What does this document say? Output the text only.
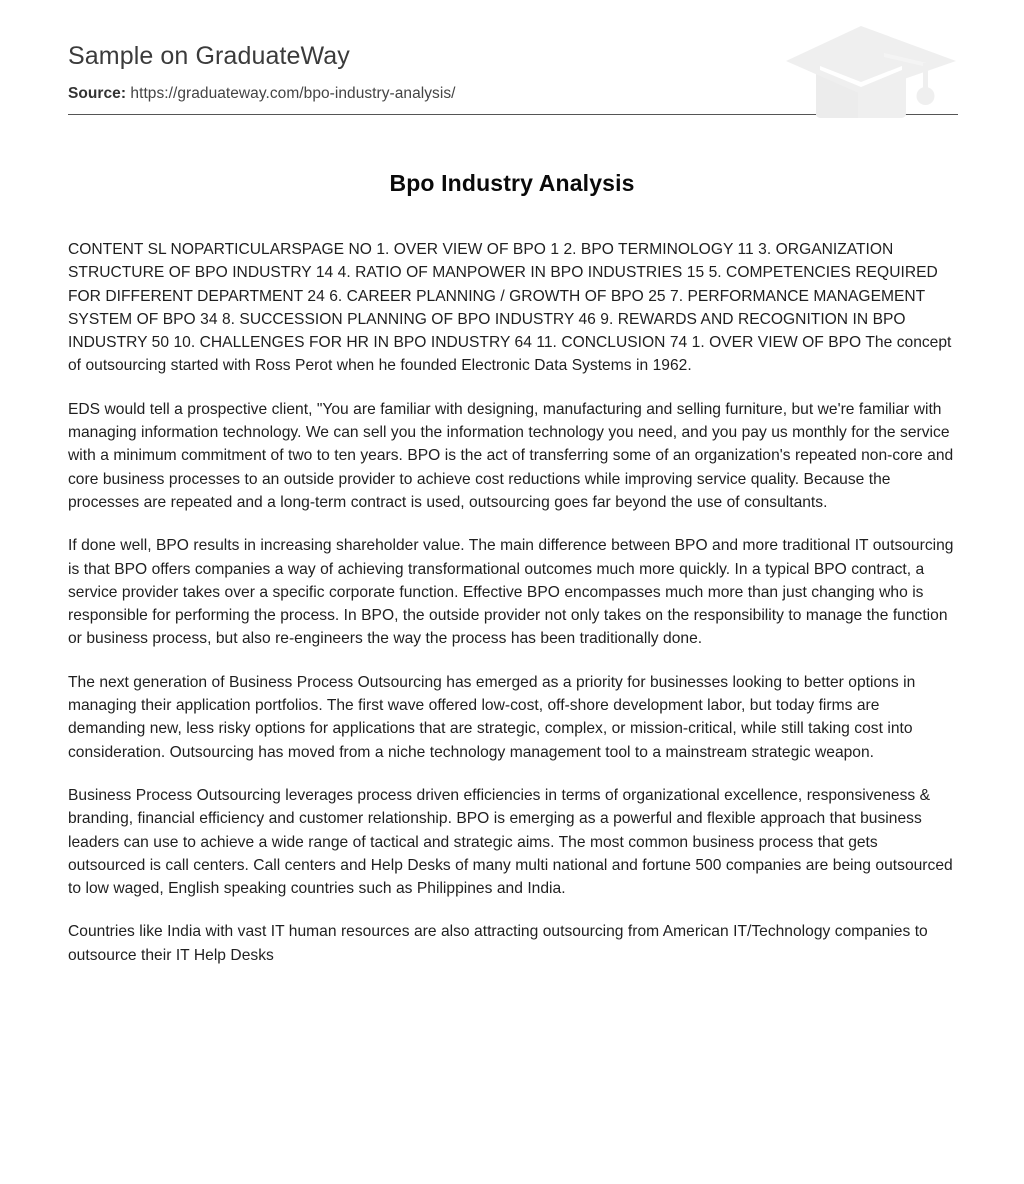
Sample on GraduateWay
Source: https://graduateway.com/bpo-industry-analysis/
Bpo Industry Analysis

CONTENT SL NOPARTICULARSPAGE NO 1. OVER VIEW OF BPO 1 2. BPO TERMINOLOGY 11 3. ORGANIZATION STRUCTURE OF BPO INDUSTRY 14 4. RATIO OF MANPOWER IN BPO INDUSTRIES 15 5. COMPETENCIES REQUIRED FOR DIFFERENT DEPARTMENT 24 6. CAREER PLANNING / GROWTH OF BPO 25 7. PERFORMANCE MANAGEMENT SYSTEM OF BPO 34 8. SUCCESSION PLANNING OF BPO INDUSTRY 46 9. REWARDS AND RECOGNITION IN BPO INDUSTRY 50 10. CHALLENGES FOR HR IN BPO INDUSTRY 64 11. CONCLUSION 74 1. OVER VIEW OF BPO The concept of outsourcing started with Ross Perot when he founded Electronic Data Systems in 1962.

EDS would tell a prospective client, "You are familiar with designing, manufacturing and selling furniture, but we're familiar with managing information technology. We can sell you the information technology you need, and you pay us monthly for the service with a minimum commitment of two to ten years. BPO is the act of transferring some of an organization's repeated non-core and core business processes to an outside provider to achieve cost reductions while improving service quality. Because the processes are repeated and a long-term contract is used, outsourcing goes far beyond the use of consultants.

If done well, BPO results in increasing shareholder value. The main difference between BPO and more traditional IT outsourcing is that BPO offers companies a way of achieving transformational outcomes much more quickly. In a typical BPO contract, a service provider takes over a specific corporate function. Effective BPO encompasses much more than just changing who is responsible for performing the process. In BPO, the outside provider not only takes on the responsibility to manage the function or business process, but also re-engineers the way the process has been traditionally done.

The next generation of Business Process Outsourcing has emerged as a priority for businesses looking to better options in managing their application portfolios. The first wave offered low-cost, off-shore development labor, but today firms are demanding new, less risky options for applications that are strategic, complex, or mission-critical, while still taking cost into consideration. Outsourcing has moved from a niche technology management tool to a mainstream strategic weapon.

Business Process Outsourcing leverages process driven efficiencies in terms of organizational excellence, responsiveness & branding, financial efficiency and customer relationship. BPO is emerging as a powerful and flexible approach that business leaders can use to achieve a wide range of tactical and strategic aims. The most common business process that gets outsourced is call centers. Call centers and Help Desks of many multi national and fortune 500 companies are being outsourced to low waged, English speaking countries such as Philippines and India.

Countries like India with vast IT human resources are also attracting outsourcing from American IT/Technology companies to outsource their IT Help Desks
